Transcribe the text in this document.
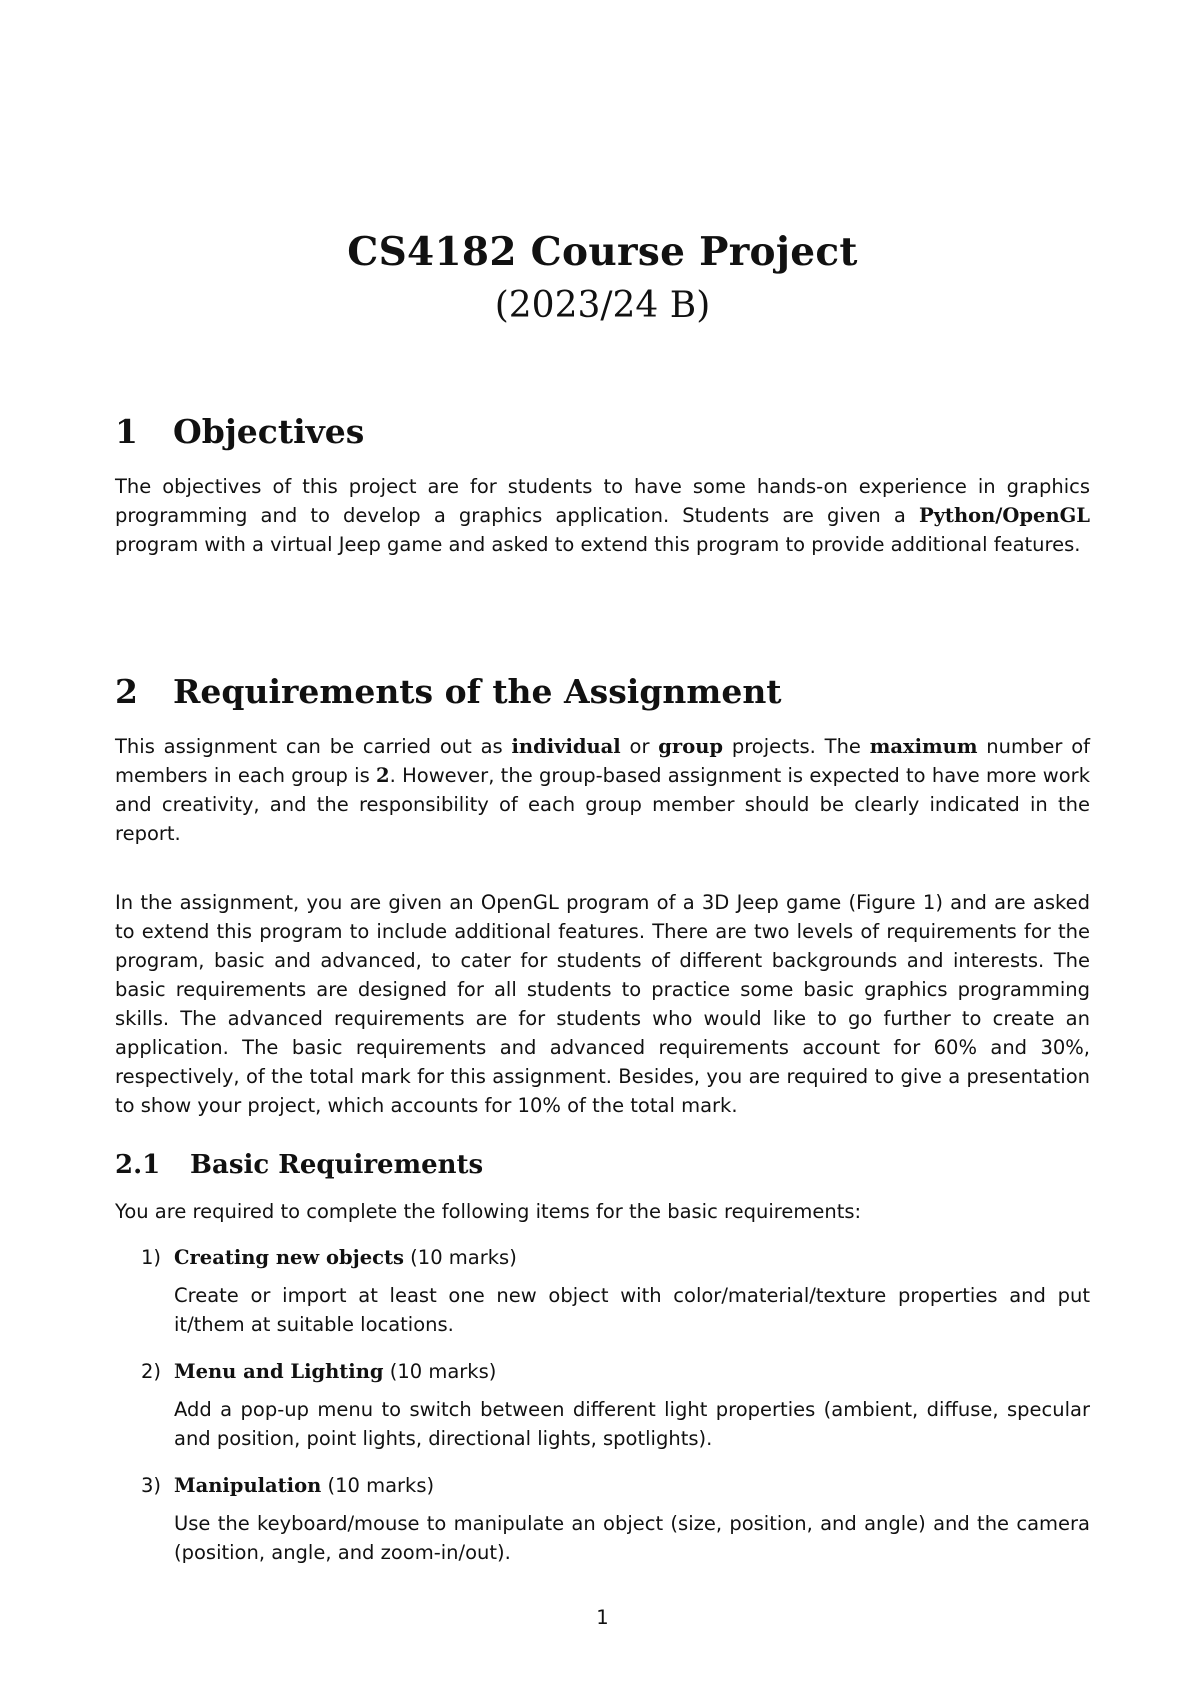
CS4182 Course Project
(2023/24 B)
1 Objectives

The objectives of this project are for students to have some hands-on experience in graphics programming and to develop a graphics application. Students are given a Python/OpenGL program with a virtual Jeep game and asked to extend this program to provide additional features.

2 Requirements of the Assignment

This assignment can be carried out as individual or group projects. The maximum number of members in each group is 2. However, the group-based assignment is expected to have more work and creativity, and the responsibility of each group member should be clearly indicated in the report.

In the assignment, you are given an OpenGL program of a 3D Jeep game (Figure 1) and are asked to extend this program to include additional features. There are two levels of requirements for the program, basic and advanced, to cater for students of different backgrounds and interests. The basic requirements are designed for all students to practice some basic graphics programming skills. The advanced requirements are for students who would like to go further to create an application. The basic requirements and advanced requirements account for 60% and 30%, respectively, of the total mark for this assignment. Besides, you are required to give a presentation to show your project, which accounts for 10% of the total mark.

2.1 Basic Requirements

You are required to complete the following items for the basic requirements:

1) Creating new objects (10 marks)

Create or import at least one new object with color/material/texture properties and put it/them at suitable locations.

2) Menu and Lighting (10 marks)

Add a pop-up menu to switch between different light properties (ambient, diffuse, specular and position, point lights, directional lights, spotlights).

3) Manipulation (10 marks)

Use the keyboard/mouse to manipulate an object (size, position, and angle) and the camera (position, angle, and zoom-in/out).

1
